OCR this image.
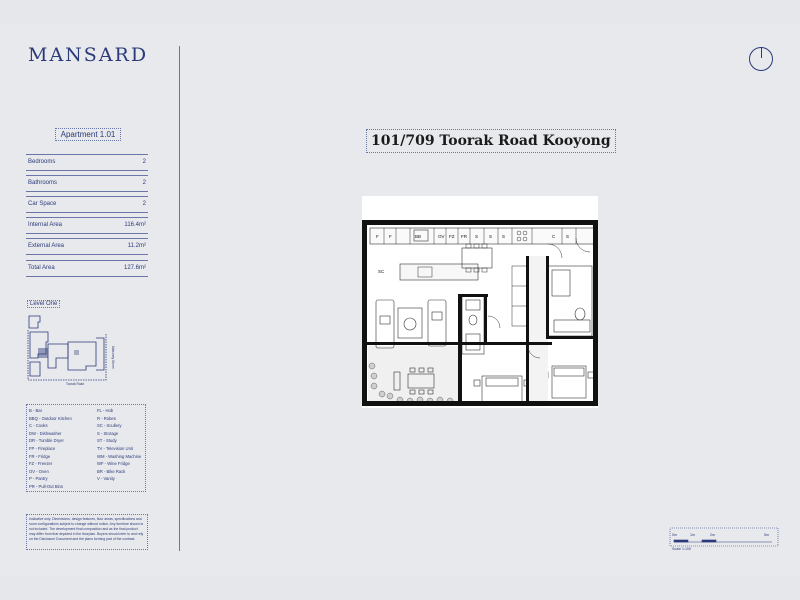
MANSARD
Apartment 1.01
Bedrooms	2
Bathrooms	2
Car Space	2
Internal Area	116.4m²
External Area	11.2m²
Total Area	127.6m²
Level One
Toorak Road
Mahoney Street
B - Bar
BBQ - Outdoor Kitchen
C - Cooks
DW - Dishwasher
DR - Tumble Dryer
FP - Fireplace
FR - Fridge
FZ - Freezer
OV - Oven
P - Pantry
PR - Pull-Out Bins
FL - Hob
R - Robes
SC - Scullery
S - Storage
ST - Study
TV - Television Unit
WM - Washing Machine
WF - Wine Fridge
BR - Bike Rack
V - Vanity
Indicative only. Dimensions, design features, floor areas, specifications and room configurations subject to change without notice. Any furniture shown is not included. The development final composition and as the final product may differ from that depicted in the floorplan. Buyers should refer to and rely on the Disclosure Document and the plans forming part of the contract.
101/709 Toorak Road Kooyong
F F	BB	OV FZ FR S S S	C S
SC
0m	1m	2m	5m
Scale 1:100
